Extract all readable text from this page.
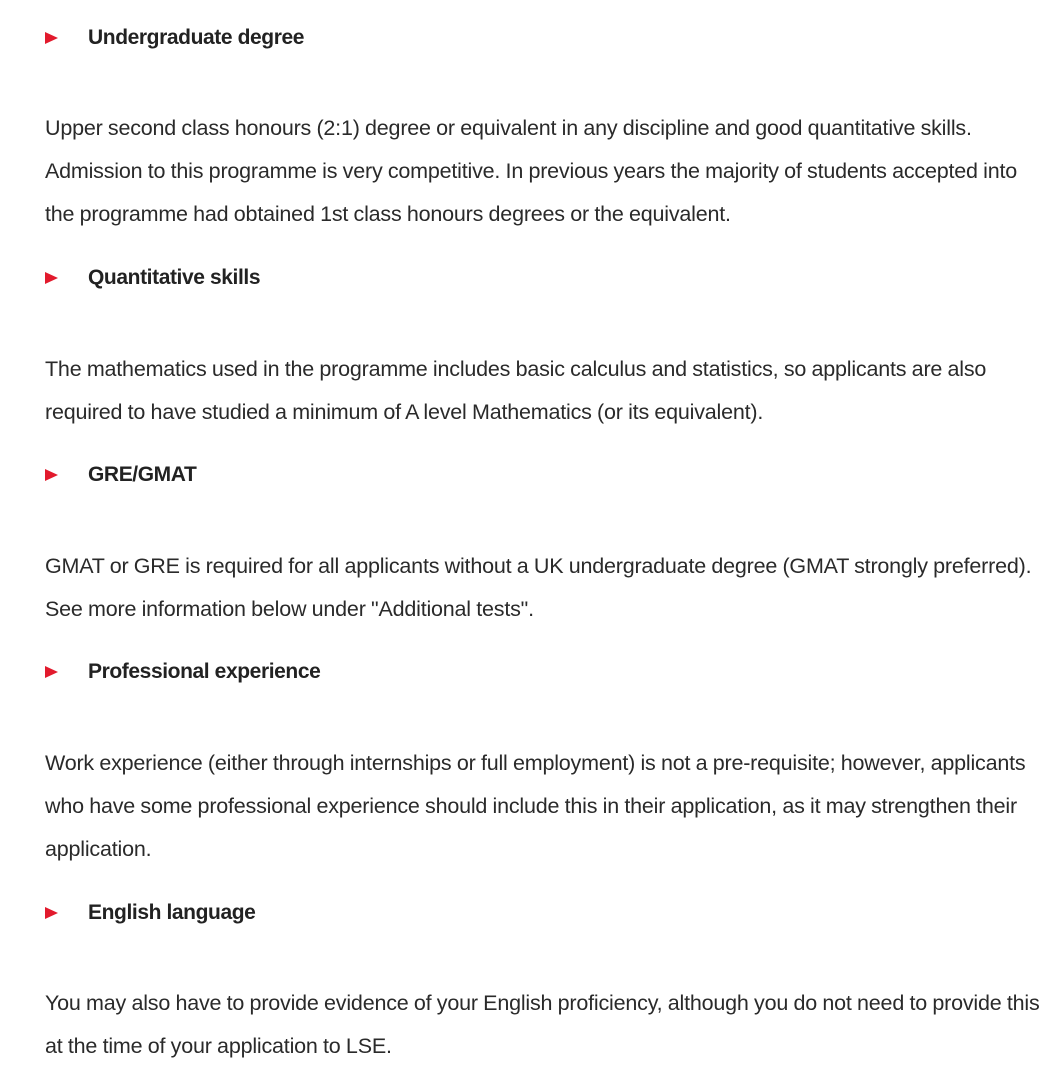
Undergraduate degree

Upper second class honours (2:1) degree or equivalent in any discipline and good quantitative skills. Admission to this programme is very competitive. In previous years the majority of students accepted into the programme had obtained 1st class honours degrees or the equivalent.

Quantitative skills

The mathematics used in the programme includes basic calculus and statistics, so applicants are also required to have studied a minimum of A level Mathematics (or its equivalent).

GRE/GMAT

GMAT or GRE is required for all applicants without a UK undergraduate degree (GMAT strongly preferred). See more information below under "Additional tests".

Professional experience

Work experience (either through internships or full employment) is not a pre-requisite; however, applicants who have some professional experience should include this in their application, as it may strengthen their application.

English language

You may also have to provide evidence of your English proficiency, although you do not need to provide this at the time of your application to LSE.
